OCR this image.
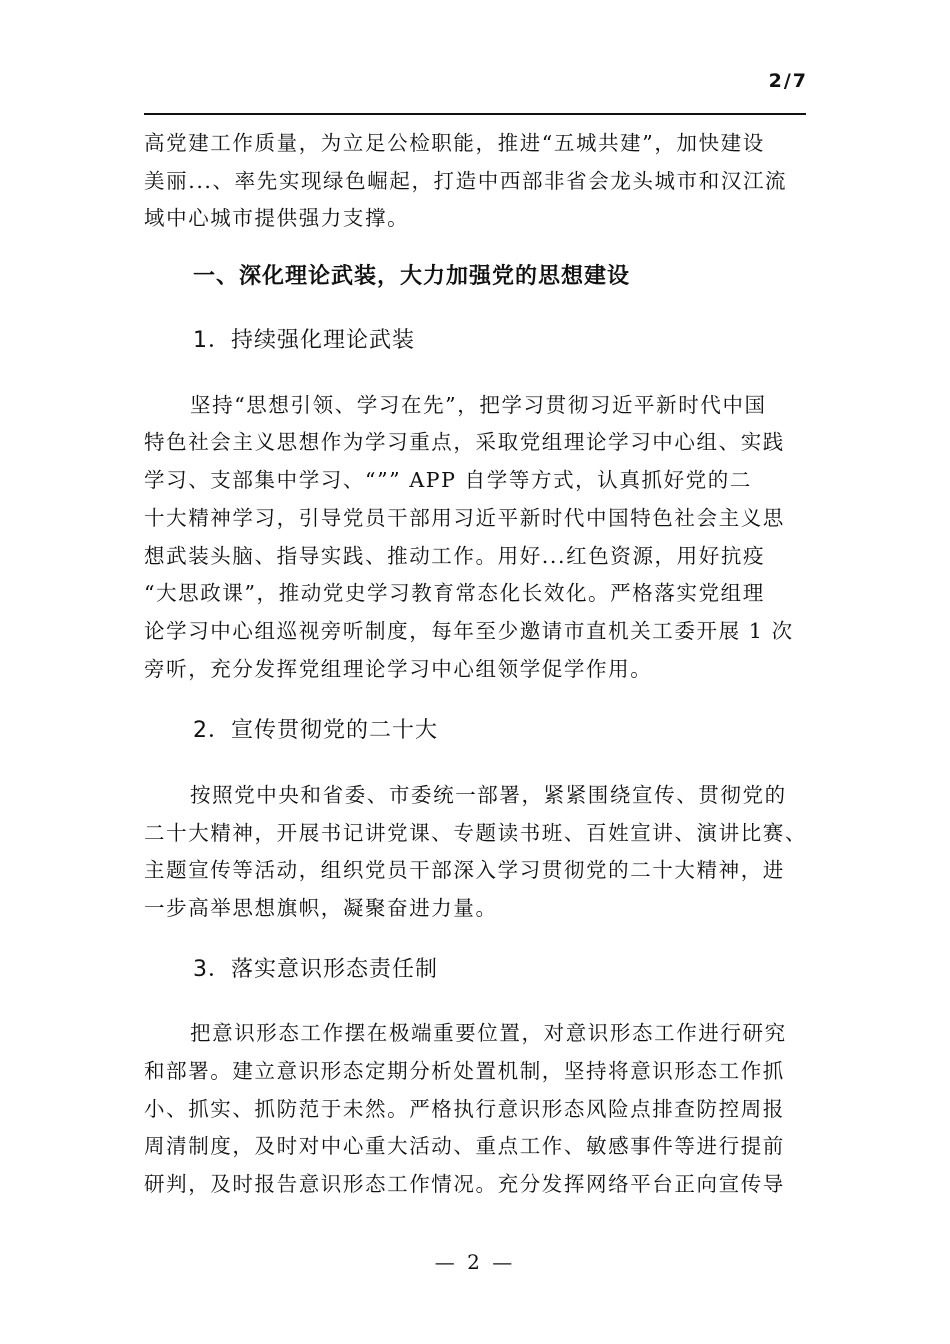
2/7
高党建工作质量，为立足公检职能，推进“五城共建”，加快建设
美丽...、率先实现绿色崛起，打造中西部非省会龙头城市和汉江流
域中心城市提供强力支撑。
一、深化理论武装，大力加强党的思想建设
1．持续强化理论武装
坚持“思想引领、学习在先”，把学习贯彻习近平新时代中国
特色社会主义思想作为学习重点，采取党组理论学习中心组、实践
学习、支部集中学习、“”” APP 自学等方式，认真抓好党的二
十大精神学习，引导党员干部用习近平新时代中国特色社会主义思
想武装头脑、指导实践、推动工作。用好...红色资源，用好抗疫
“大思政课”，推动党史学习教育常态化长效化。严格落实党组理
论学习中心组巡视旁听制度，每年至少邀请市直机关工委开展 1 次
旁听，充分发挥党组理论学习中心组领学促学作用。
2．宣传贯彻党的二十大
按照党中央和省委、市委统一部署，紧紧围绕宣传、贯彻党的
二十大精神，开展书记讲党课、专题读书班、百姓宣讲、演讲比赛、
主题宣传等活动，组织党员干部深入学习贯彻党的二十大精神，进
一步高举思想旗帜，凝聚奋进力量。
3．落实意识形态责任制
把意识形态工作摆在极端重要位置，对意识形态工作进行研究
和部署。建立意识形态定期分析处置机制，坚持将意识形态工作抓
小、抓实、抓防范于未然。严格执行意识形态风险点排查防控周报
周清制度，及时对中心重大活动、重点工作、敏感事件等进行提前
研判，及时报告意识形态工作情况。充分发挥网络平台正向宣传导
— 2 —
